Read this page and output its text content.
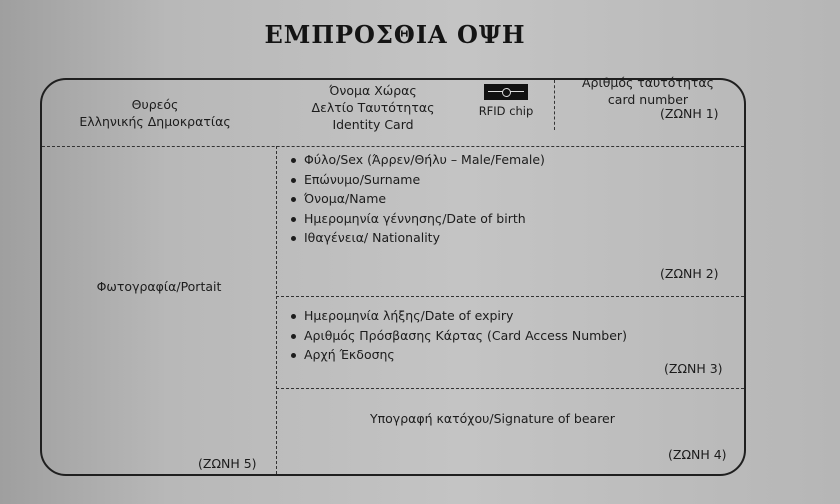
ΕΜΠΡΟΣΘΙΑ ΟΨΗ
Θυρεός
Ελληνικής Δημοκρατίας
Όνομα Χώρας
Δελτίο Ταυτότητας
Identity Card
RFID chip
Αριθμός ταυτότητας
card number
(ΖΩΝΗ 1)
Φωτογραφία/Portait
(ΖΩΝΗ 5)
Φύλο/Sex (Άρρεν/Θήλυ – Male/Female)
Επώνυμο/Surname
Όνομα/Name
Ημερομηνία γέννησης/Date of birth
Ιθαγένεια/ Nationality
(ΖΩΝΗ 2)
Ημερομηνία λήξης/Date of expiry
Αριθμός Πρόσβασης Κάρτας (Card Access Number)
Αρχή Έκδοσης
(ΖΩΝΗ 3)
Υπογραφή κατόχου/Signature of bearer
(ΖΩΝΗ 4)
